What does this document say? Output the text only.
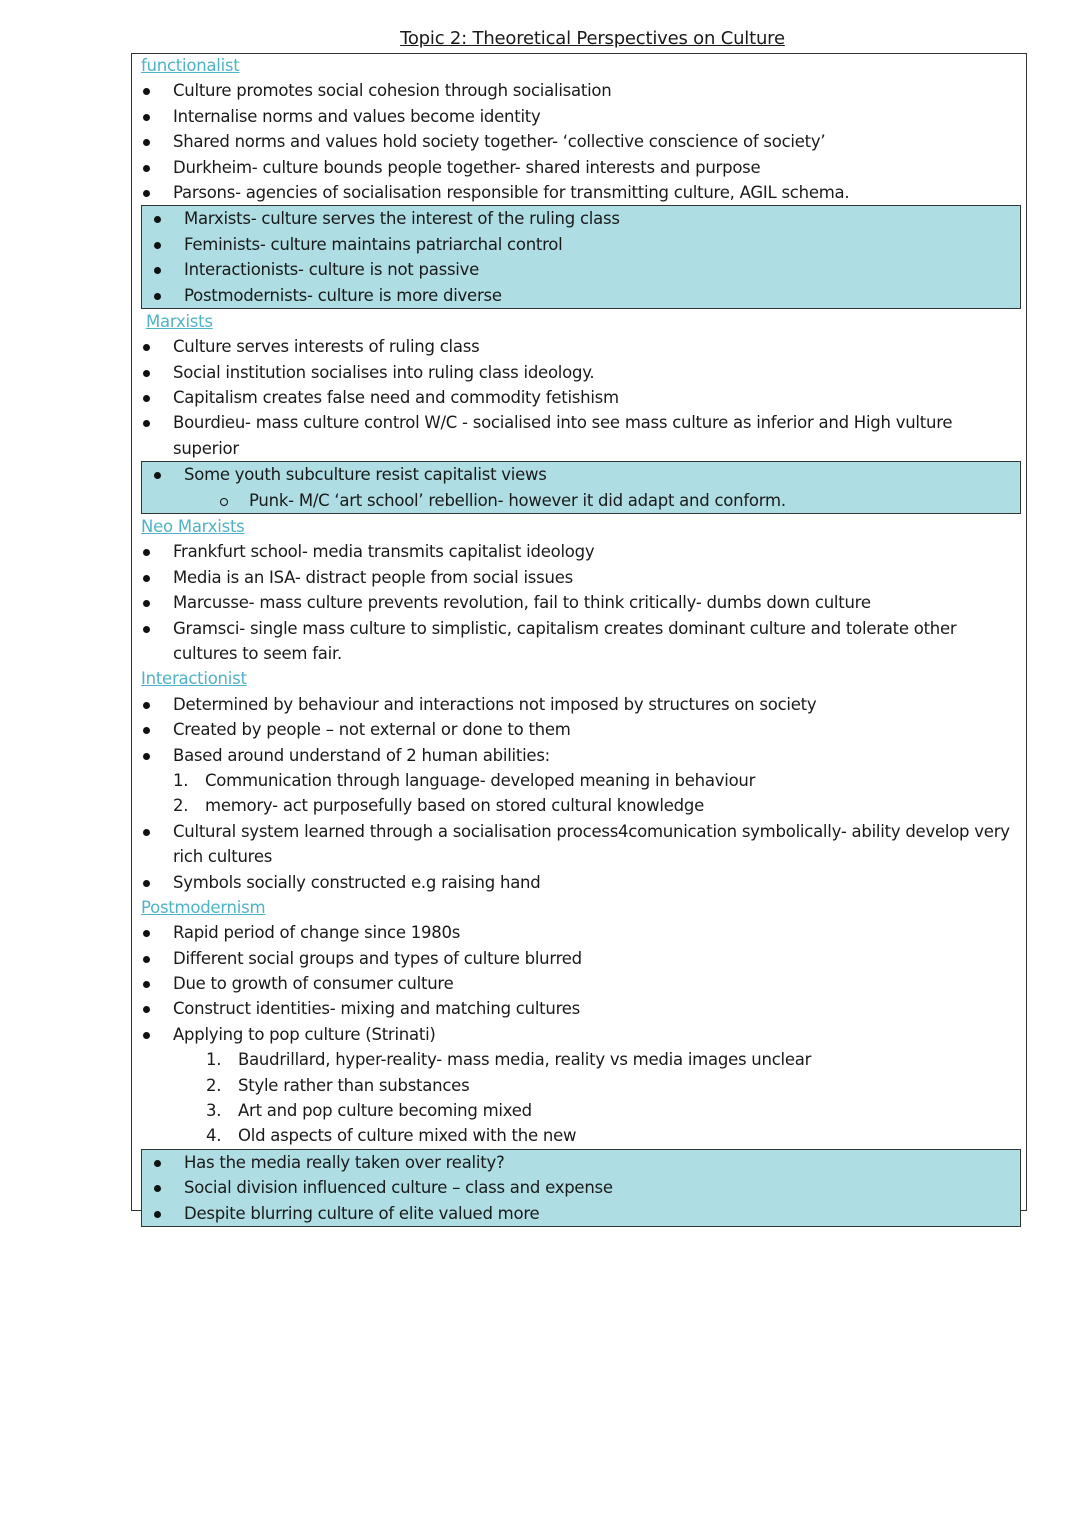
Topic 2: Theoretical Perspectives on Culture
functionalist
Culture promotes social cohesion through socialisation
Internalise norms and values become identity
Shared norms and values hold society together- ‘collective conscience of society’
Durkheim- culture bounds people together- shared interests and purpose
Parsons- agencies of socialisation responsible for transmitting culture, AGIL schema.
Marxists- culture serves the interest of the ruling class
Feminists- culture maintains patriarchal control
Interactionists- culture is not passive
Postmodernists- culture is more diverse
Marxists
Culture serves interests of ruling class
Social institution socialises into ruling class ideology.
Capitalism creates false need and commodity fetishism
Bourdieu- mass culture control W/C - socialised into see mass culture as inferior and High vulture
superior
Some youth subculture resist capitalist views
Punk- M/C ‘art school’ rebellion- however it did adapt and conform.
Neo Marxists
Frankfurt school- media transmits capitalist ideology
Media is an ISA- distract people from social issues
Marcusse- mass culture prevents revolution, fail to think critically- dumbs down culture
Gramsci- single mass culture to simplistic, capitalism creates dominant culture and tolerate other
cultures to seem fair.
Interactionist
Determined by behaviour and interactions not imposed by structures on society
Created by people – not external or done to them
Based around understand of 2 human abilities:
1. Communication through language- developed meaning in behaviour
2. memory- act purposefully based on stored cultural knowledge
Cultural system learned through a socialisation process4comunication symbolically- ability develop very
rich cultures
Symbols socially constructed e.g raising hand
Postmodernism
Rapid period of change since 1980s
Different social groups and types of culture blurred
Due to growth of consumer culture
Construct identities- mixing and matching cultures
Applying to pop culture (Strinati)
1. Baudrillard, hyper-reality- mass media, reality vs media images unclear
2. Style rather than substances
3. Art and pop culture becoming mixed
4. Old aspects of culture mixed with the new
Has the media really taken over reality?
Social division influenced culture – class and expense
Despite blurring culture of elite valued more
